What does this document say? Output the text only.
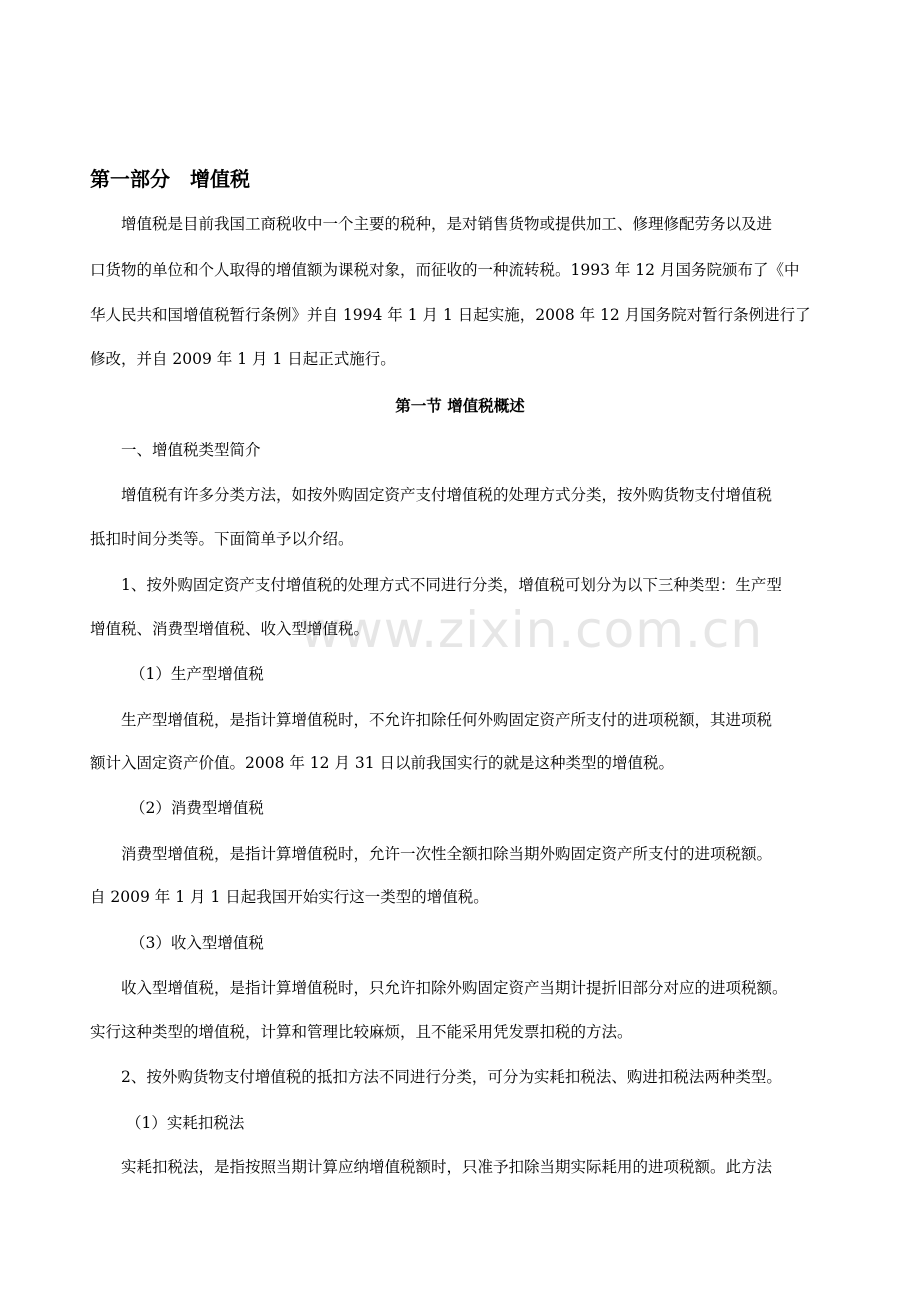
www.zixin.com.cn
第一部分　增值税
增值税是目前我国工商税收中一个主要的税种，是对销售货物或提供加工、修理修配劳务以及进
口货物的单位和个人取得的增值额为课税对象，而征收的一种流转税。1993 年 12 月国务院颁布了《中
华人民共和国增值税暂行条例》并自 1994 年 1 月 1 日起实施，2008 年 12 月国务院对暂行条例进行了
修改，并自 2009 年 1 月 1 日起正式施行。
第一节 增值税概述
一、增值税类型简介
增值税有许多分类方法，如按外购固定资产支付增值税的处理方式分类，按外购货物支付增值税
抵扣时间分类等。下面简单予以介绍。
1、按外购固定资产支付增值税的处理方式不同进行分类，增值税可划分为以下三种类型：生产型
增值税、消费型增值税、收入型增值税。
（1）生产型增值税
生产型增值税，是指计算增值税时，不允许扣除任何外购固定资产所支付的进项税额，其进项税
额计入固定资产价值。2008 年 12 月 31 日以前我国实行的就是这种类型的增值税。
（2）消费型增值税
消费型增值税，是指计算增值税时，允许一次性全额扣除当期外购固定资产所支付的进项税额。
自 2009 年 1 月 1 日起我国开始实行这一类型的增值税。
（3）收入型增值税
收入型增值税，是指计算增值税时，只允许扣除外购固定资产当期计提折旧部分对应的进项税额。
实行这种类型的增值税，计算和管理比较麻烦，且不能采用凭发票扣税的方法。
2、按外购货物支付增值税的抵扣方法不同进行分类，可分为实耗扣税法、购进扣税法两种类型。
（1）实耗扣税法
实耗扣税法，是指按照当期计算应纳增值税额时，只准予扣除当期实际耗用的进项税额。此方法
